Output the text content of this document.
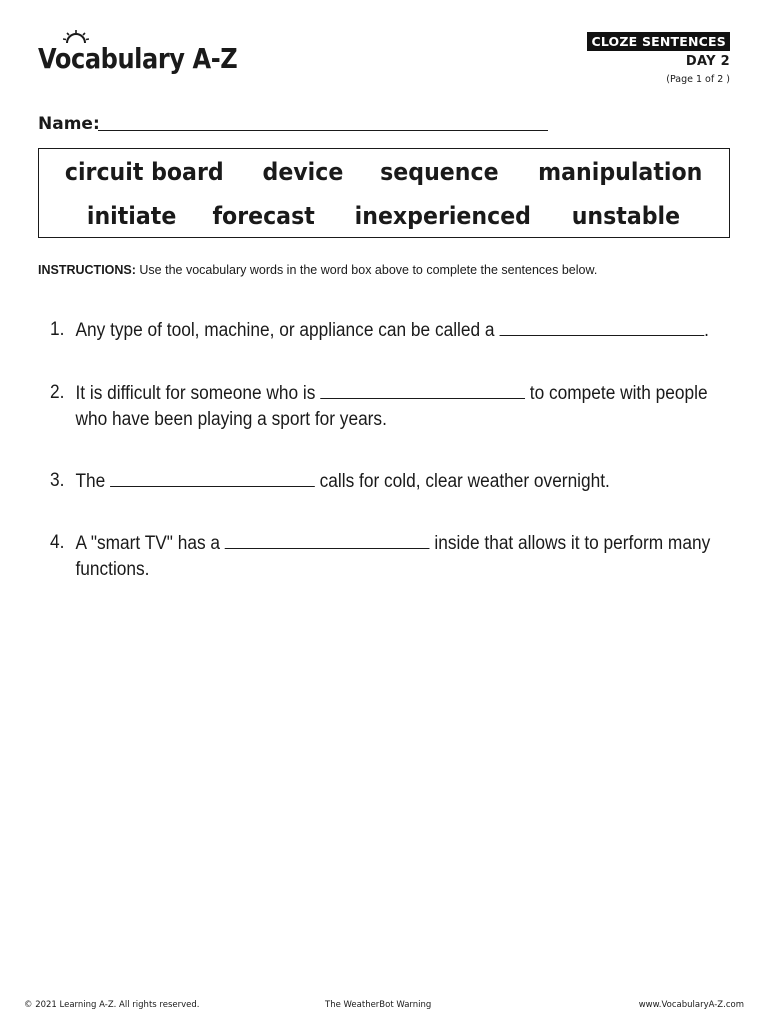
Vocabulary A-Z
CLOZE SENTENCES
DAY 2
(Page 1 of 2 )
Name:
circuit board device sequence manipulation
initiate forecast inexperienced unstable
INSTRUCTIONS: Use the vocabulary words in the word box above to complete the sentences below.
1. Any type of tool, machine, or appliance can be called a	.
2. It is difficult for someone who is	to compete with people
who have been playing a sport for years.
3. The	calls for cold, clear weather overnight.
4. A "smart TV" has a	inside that allows it to perform many
functions.
© 2021 Learning A-Z. All rights reserved.	The WeatherBot Warning	www.VocabularyA-Z.com
